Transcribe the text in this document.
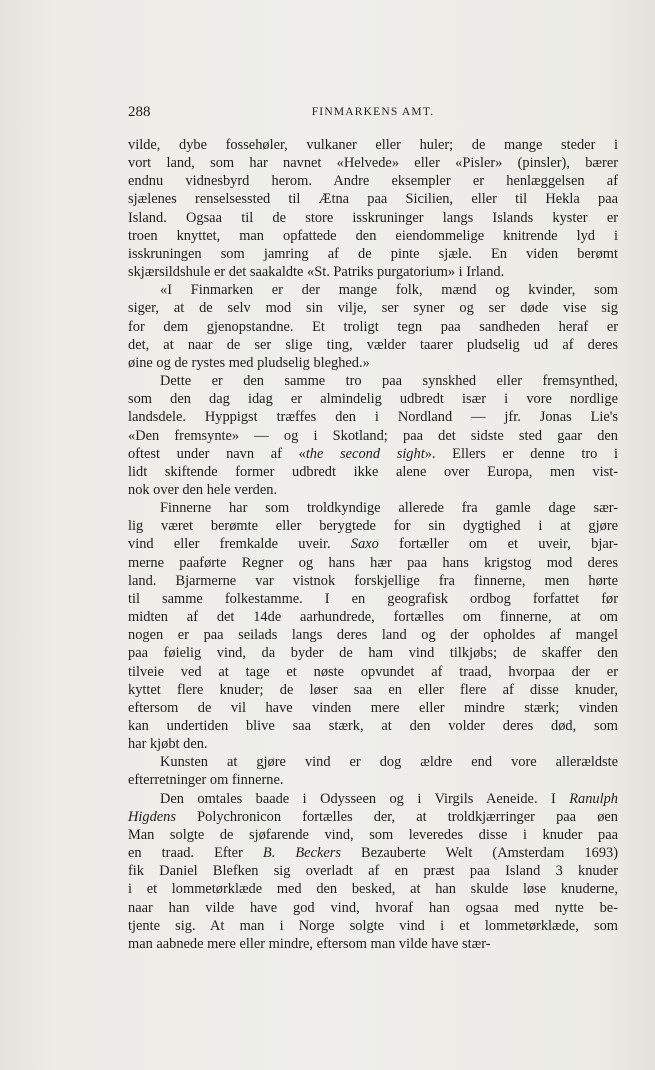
288	FINMARKENS AMT.
vilde, dybe fossehøler, vulkaner eller huler; de mange steder i
vort land, som har navnet «Helvede» eller «Pisler» (pinsler), bærer
endnu vidnesbyrd herom. Andre eksempler er henlæggelsen af
sjælenes renselsessted til Ætna paa Sicilien, eller til Hekla paa
Island. Ogsaa til de store isskruninger langs Islands kyster er
troen knyttet, man opfattede den eiendommelige knitrende lyd i
isskruningen som jamring af de pinte sjæle. En viden berømt
skjærsildshule er det saakaldte «St. Patriks purgatorium» i Irland.
«I Finmarken er der mange folk, mænd og kvinder, som
siger, at de selv mod sin vilje, ser syner og ser døde vise sig
for dem gjenopstandne. Et troligt tegn paa sandheden heraf er
det, at naar de ser slige ting, vælder taarer pludselig ud af deres
øine og de rystes med pludselig bleghed.»
Dette er den samme tro paa synskhed eller fremsynthed,
som den dag idag er almindelig udbredt især i vore nordlige
landsdele. Hyppigst træffes den i Nordland — jfr. Jonas Lie's
«Den fremsynte» — og i Skotland; paa det sidste sted gaar den
oftest under navn af «the second sight». Ellers er denne tro i
lidt skiftende former udbredt ikke alene over Europa, men vist-
nok over den hele verden.
Finnerne har som troldkyndige allerede fra gamle dage sær-
lig været berømte eller berygtede for sin dygtighed i at gjøre
vind eller fremkalde uveir. Saxo fortæller om et uveir, bjar-
merne paaførte Regner og hans hær paa hans krigstog mod deres
land. Bjarmerne var vistnok forskjellige fra finnerne, men hørte
til samme folkestamme. I en geografisk ordbog forfattet før
midten af det 14de aarhundrede, fortælles om finnerne, at om
nogen er paa seilads langs deres land og der opholdes af mangel
paa føielig vind, da byder de ham vind tilkjøbs; de skaffer den
tilveie ved at tage et nøste opvundet af traad, hvorpaa der er
kyttet flere knuder; de løser saa en eller flere af disse knuder,
eftersom de vil have vinden mere eller mindre stærk; vinden
kan undertiden blive saa stærk, at den volder deres død, som
har kjøbt den.
Kunsten at gjøre vind er dog ældre end vore allerældste
efterretninger om finnerne.
Den omtales baade i Odysseen og i Virgils Aeneide. I Ranulph
Higdens Polychronicon fortælles der, at troldkjærringer paa øen
Man solgte de sjøfarende vind, som leveredes disse i knuder paa
en traad. Efter B. Beckers Bezauberte Welt (Amsterdam 1693)
fik Daniel Blefken sig overladt af en præst paa Island 3 knuder
i et lommetørklæde med den besked, at han skulde løse knuderne,
naar han vilde have god vind, hvoraf han ogsaa med nytte be-
tjente sig. At man i Norge solgte vind i et lommetørklæde, som
man aabnede mere eller mindre, eftersom man vilde have stær-
